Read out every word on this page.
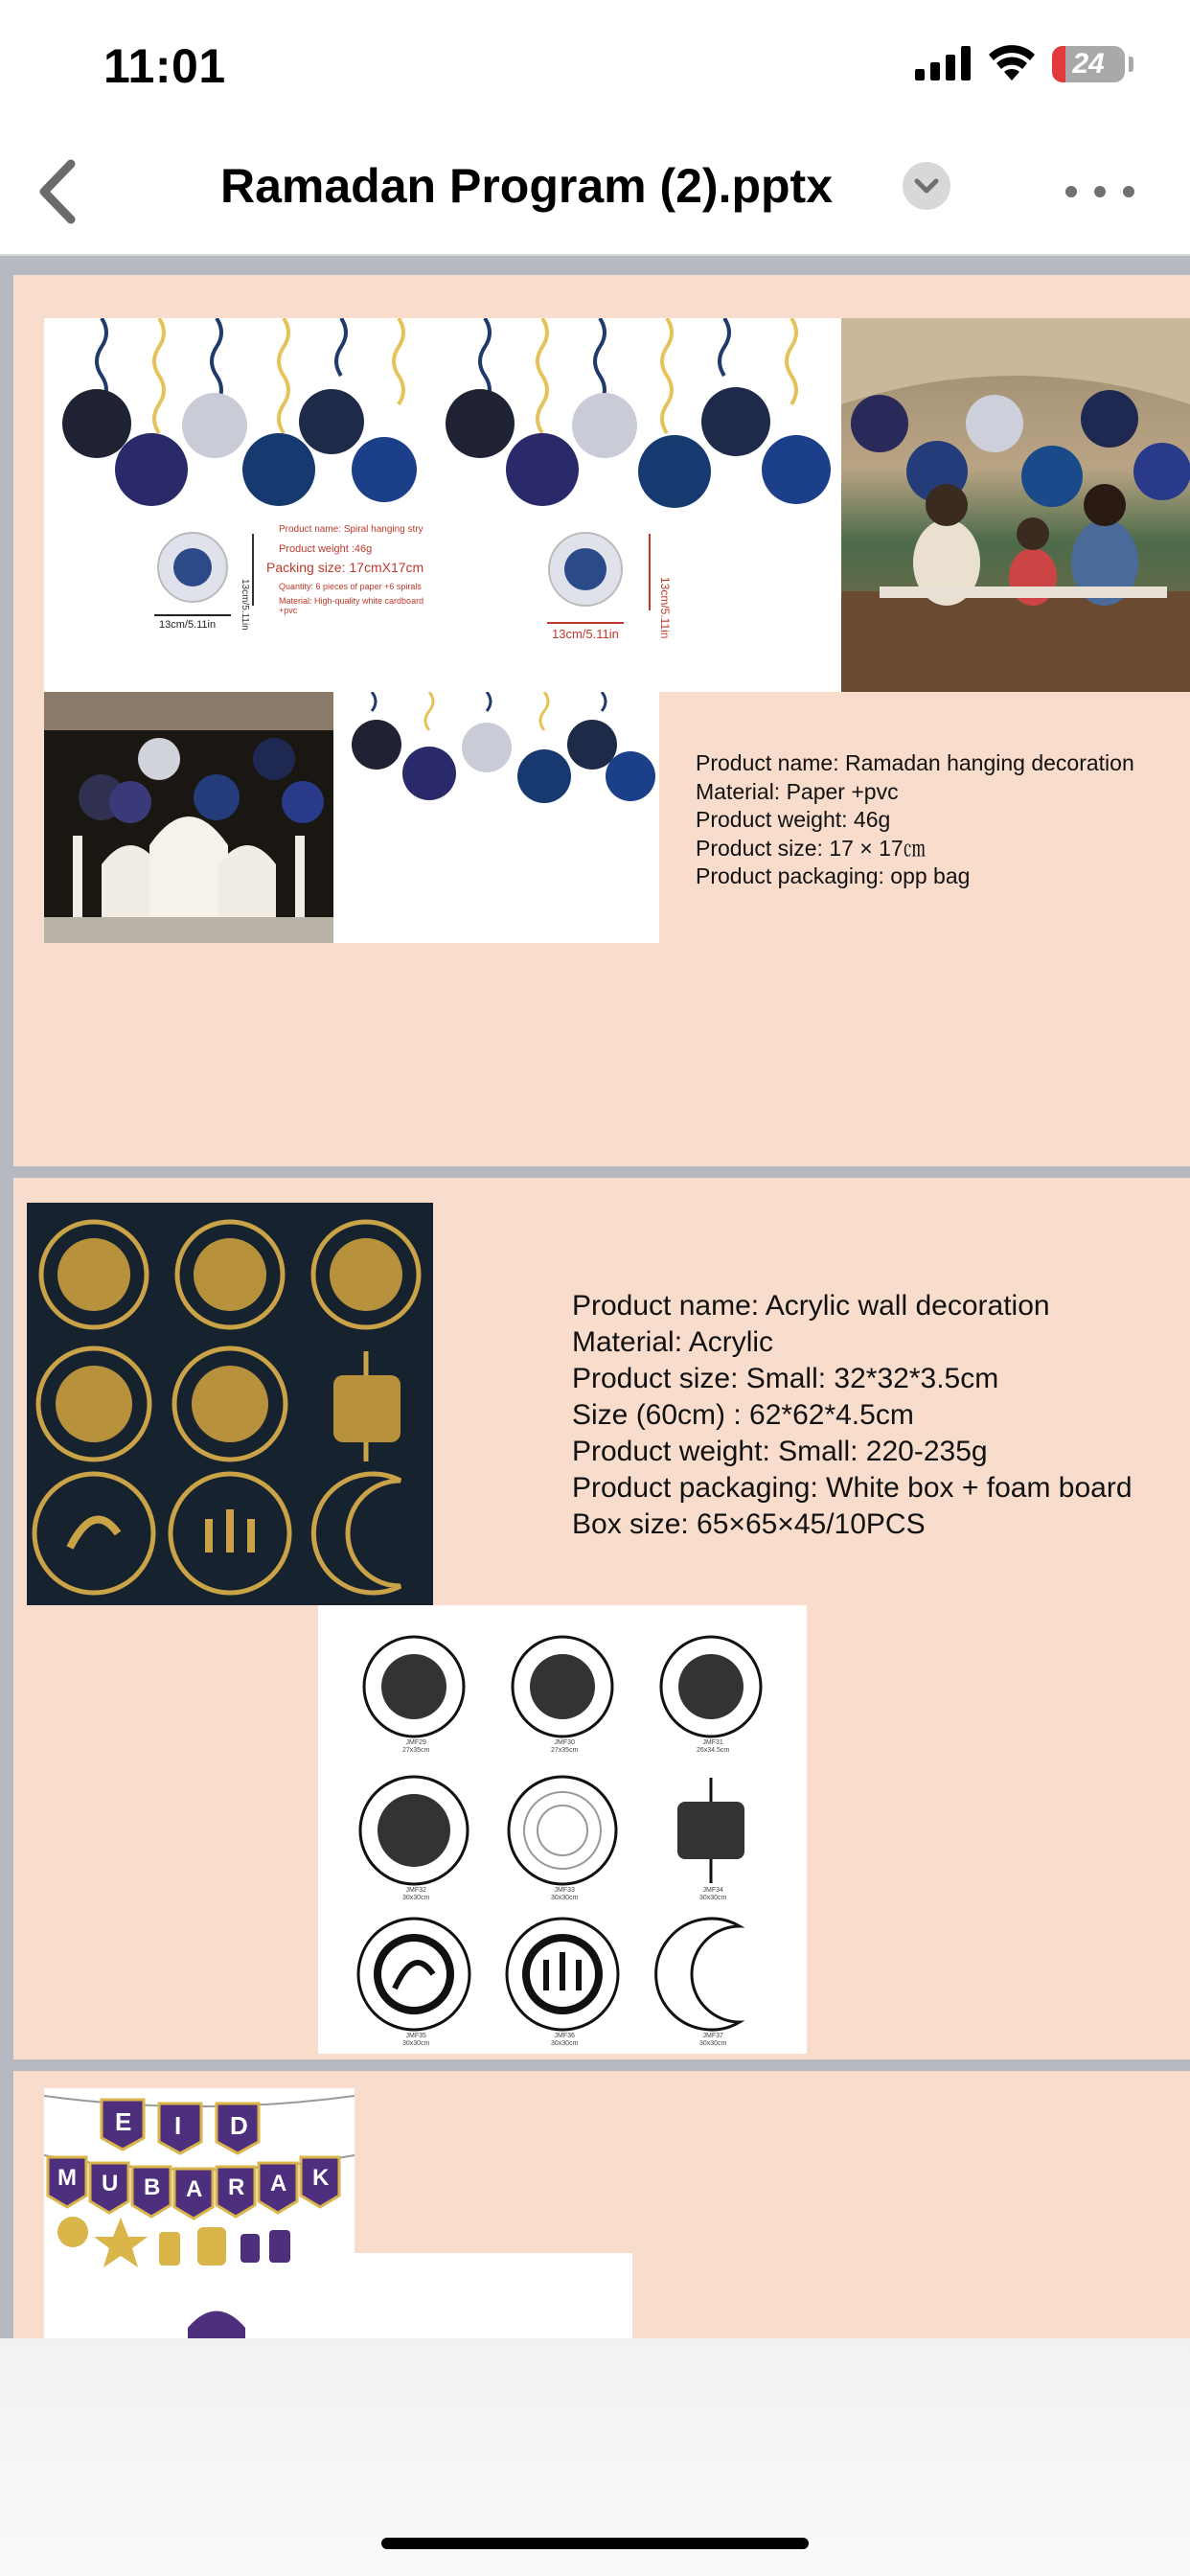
11:01	24
Ramadan Program (2).pptx
Product name: Spiral hanging stry
Product weight :46g
Packing size: 17cmX17cm
Quantity: 6 pieces of paper +6 spirals
Material: High-quality white cardboard +pvc
13cm/5.11in
13cm/5.11in
13cm/5.11in	13cm/5.11in
Product name: Ramadan hanging decoration
Material: Paper +pvc
Product weight: 46g
Product size: 17 × 17㎝
Product packaging: opp bag
Product name: Acrylic wall decoration
Material: Acrylic
Product size: Small: 32*32*3.5cm
Size (60cm) : 62*62*4.5cm
Product weight: Small: 220-235g
Product packaging: White box + foam board
Box size: 65×65×45/10PCS
JMF29
27x35cm
JMF30
27x35cm
JMF31
26x34.5cm
JMF32
30x30cm
JMF33
30x30cm
JMF34
30x30cm
JMF35
30x30cm
JMF36
30x30cm
JMF37
30x30cm
E I D
M U B A R A K
